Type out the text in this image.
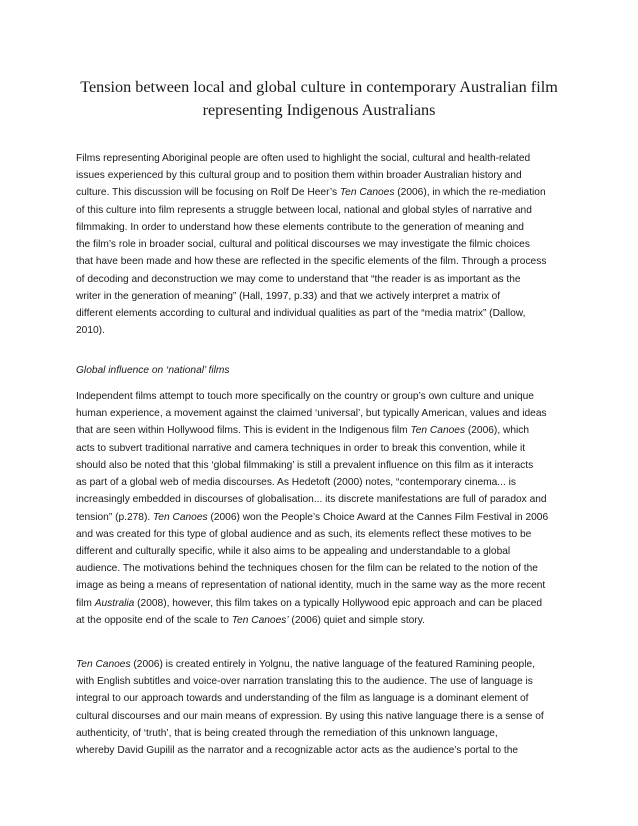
Tension between local and global culture in contemporary Australian film
representing Indigenous Australians

Films representing Aboriginal people are often used to highlight the social, cultural and health-related
issues experienced by this cultural group and to position them within broader Australian history and
culture. This discussion will be focusing on Rolf De Heer’s Ten Canoes (2006), in which the re-mediation
of this culture into film represents a struggle between local, national and global styles of narrative and
filmmaking. In order to understand how these elements contribute to the generation of meaning and
the film’s role in broader social, cultural and political discourses we may investigate the filmic choices
that have been made and how these are reflected in the specific elements of the film. Through a process
of decoding and deconstruction we may come to understand that “the reader is as important as the
writer in the generation of meaning” (Hall, 1997, p.33) and that we actively interpret a matrix of
different elements according to cultural and individual qualities as part of the “media matrix” (Dallow,
2010).

Global influence on ‘national’ films

Independent films attempt to touch more specifically on the country or group’s own culture and unique
human experience, a movement against the claimed ‘universal’, but typically American, values and ideas
that are seen within Hollywood films. This is evident in the Indigenous film Ten Canoes (2006), which
acts to subvert traditional narrative and camera techniques in order to break this convention, while it
should also be noted that this ‘global filmmaking’ is still a prevalent influence on this film as it interacts
as part of a global web of media discourses. As Hedetoft (2000) notes, “contemporary cinema... is
increasingly embedded in discourses of globalisation... its discrete manifestations are full of paradox and
tension” (p.278). Ten Canoes (2006) won the People’s Choice Award at the Cannes Film Festival in 2006
and was created for this type of global audience and as such, its elements reflect these motives to be
different and culturally specific, while it also aims to be appealing and understandable to a global
audience. The motivations behind the techniques chosen for the film can be related to the notion of the
image as being a means of representation of national identity, much in the same way as the more recent
film Australia (2008), however, this film takes on a typically Hollywood epic approach and can be placed
at the opposite end of the scale to Ten Canoes’ (2006) quiet and simple story.

Ten Canoes (2006) is created entirely in Yolgnu, the native language of the featured Ramining people,
with English subtitles and voice-over narration translating this to the audience. The use of language is
integral to our approach towards and understanding of the film as language is a dominant element of
cultural discourses and our main means of expression. By using this native language there is a sense of
authenticity, of ‘truth’, that is being created through the remediation of this unknown language,
whereby David Gupilil as the narrator and a recognizable actor acts as the audience’s portal to the
